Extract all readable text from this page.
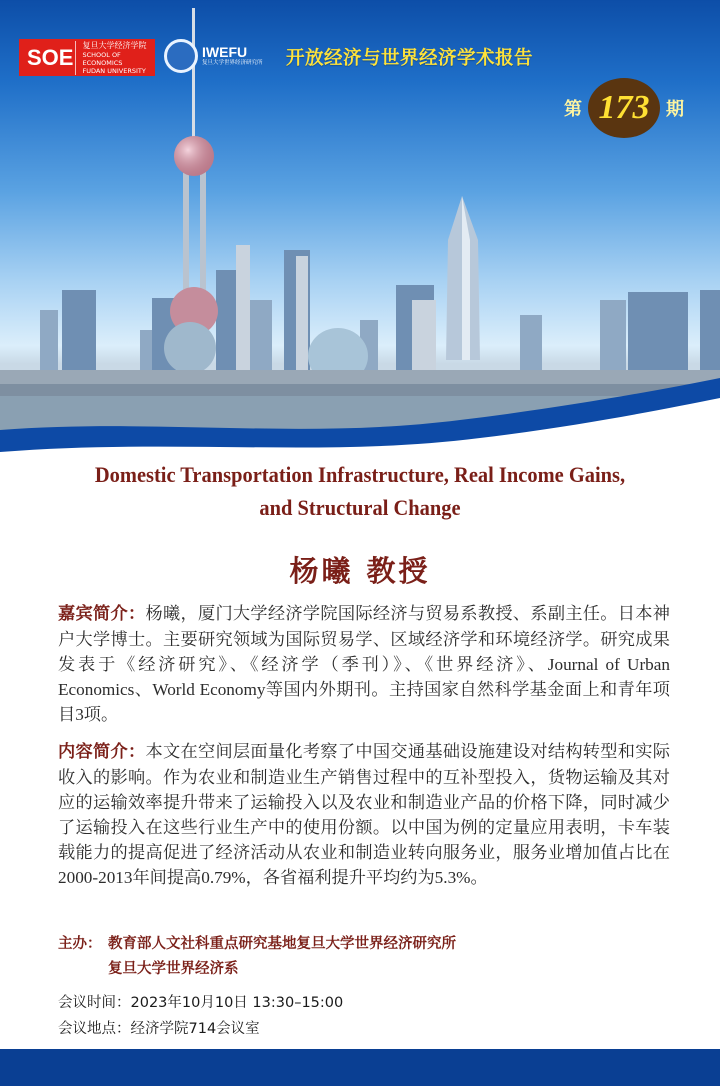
SOE 复旦大学经济学院
SCHOOL OF ECONOMICS
FUDAN UNIVERSITY
IWEFU
复旦大学世界经济研究所 开放经济与世界经济学术报告
第 173 期
Domestic Transportation Infrastructure, Real Income Gains,
and Structural Change
杨曦 教授

嘉宾简介：杨曦，厦门大学经济学院国际经济与贸易系教授、系副主任。日本神户大学博士。主要研究领域为国际贸易学、区域经济学和环境经济学。研究成果发表于《经济研究》、《经济学（季刊）》、《世界经济》、Journal of Urban Economics、World Economy等国内外期刊。主持国家自然科学基金面上和青年项目3项。

内容简介：本文在空间层面量化考察了中国交通基础设施建设对结构转型和实际收入的影响。作为农业和制造业生产销售过程中的互补型投入，货物运输及其对应的运输效率提升带来了运输投入以及农业和制造业产品的价格下降，同时减少了运输投入在这些行业生产中的使用份额。以中国为例的定量应用表明，卡车装载能力的提高促进了经济活动从农业和制造业转向服务业，服务业增加值占比在2000-2013年间提高0.79%，各省福利提升平均约为5.3%。

主办： 教育部人文社科重点研究基地复旦大学世界经济研究所
复旦大学世界经济系
会议时间： 2023年10月10日 13:30–15:00
会议地点： 经济学院714会议室
